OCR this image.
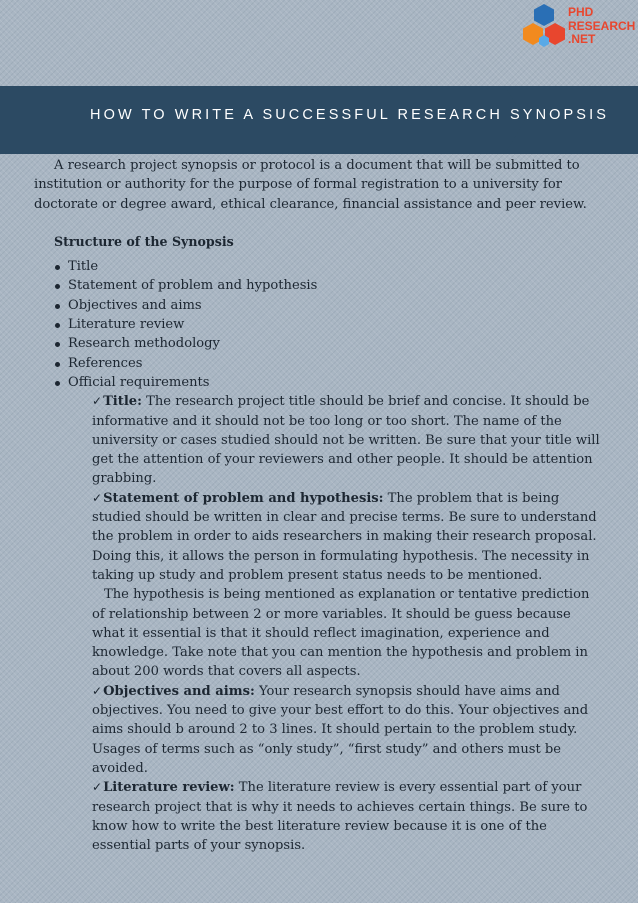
PHD
RESEARCH
.NET
HOW TO WRITE A SUCCESSFUL RESEARCH SYNOPSIS

A research project synopsis or protocol is a document that will be submitted to institution or authority for the purpose of formal registration to a university for doctorate or degree award, ethical clearance, financial assistance and peer review.

Structure of the Synopsis
Title
Statement of problem and hypothesis
Objectives and aims
Literature review
Research methodology
References
Official requirements

✓Title: The research project title should be brief and concise. It should be informative and it should not be too long or too short. The name of the university or cases studied should not be written. Be sure that your title will get the attention of your reviewers and other people. It should be attention grabbing.

✓Statement of problem and hypothesis: The problem that is being studied should be written in clear and precise terms. Be sure to understand the problem in order to aids researchers in making their research proposal. Doing this, it allows the person in formulating hypothesis. The necessity in taking up study and problem present status needs to be mentioned.

The hypothesis is being mentioned as explanation or tentative prediction of relationship between 2 or more variables. It should be guess because what it essential is that it should reflect imagination, experience and knowledge. Take note that you can mention the hypothesis and problem in about 200 words that covers all aspects.

✓Objectives and aims: Your research synopsis should have aims and objectives. You need to give your best effort to do this. Your objectives and aims should b around 2 to 3 lines. It should pertain to the problem study. Usages of terms such as “only study”, “first study” and others must be avoided.

✓Literature review: The literature review is every essential part of your research project that is why it needs to achieves certain things. Be sure to know how to write the best literature review because it is one of the essential parts of your synopsis.
